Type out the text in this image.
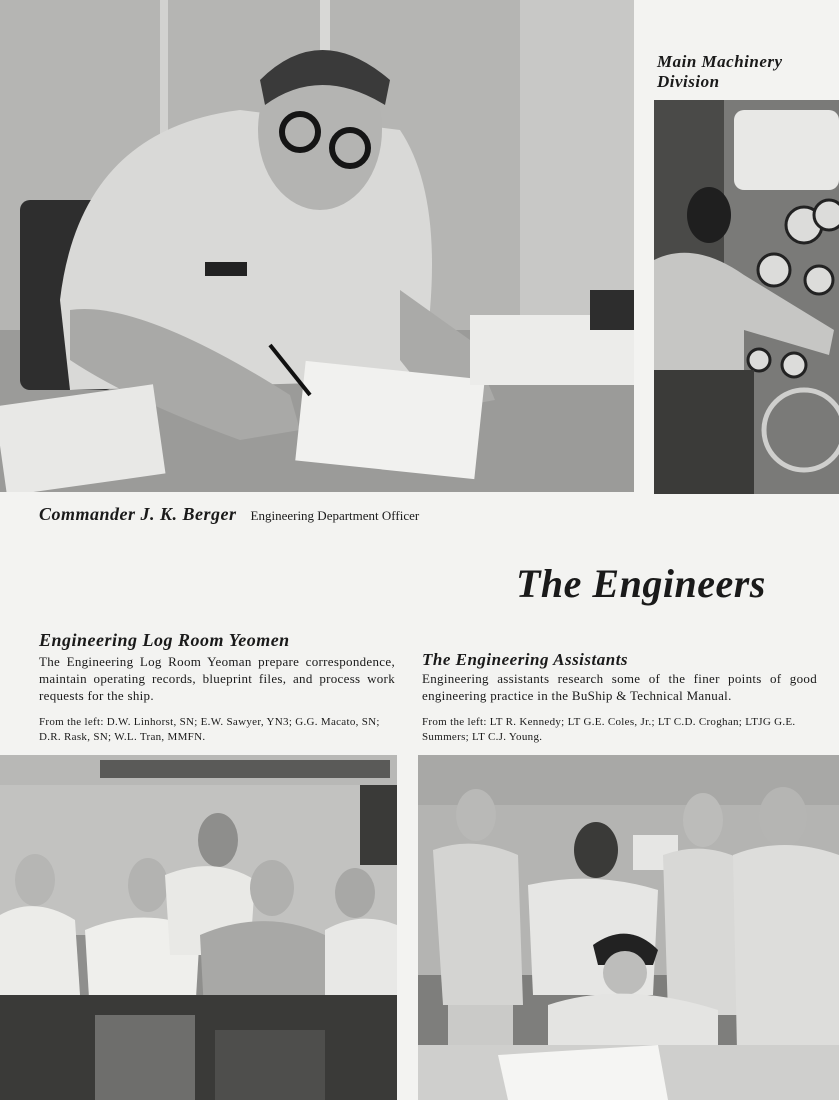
Main Machinery Division
Commander J. K. Berger Engineering Department Officer
The Engineers
Engineering Log Room Yeomen
The Engineering Log Room Yeoman prepare correspondence, maintain operating records, blueprint files, and process work requests for the ship.
From the left: D.W. Linhorst, SN; E.W. Sawyer, YN3; G.G. Macato, SN; D.R. Rask, SN; W.L. Tran, MMFN.
The Engineering Assistants
Engineering assistants research some of the finer points of good engineering practice in the BuShip & Technical Manual.
From the left: LT R. Kennedy; LT G.E. Coles, Jr.; LT C.D. Croghan; LTJG G.E. Summers; LT C.J. Young.
